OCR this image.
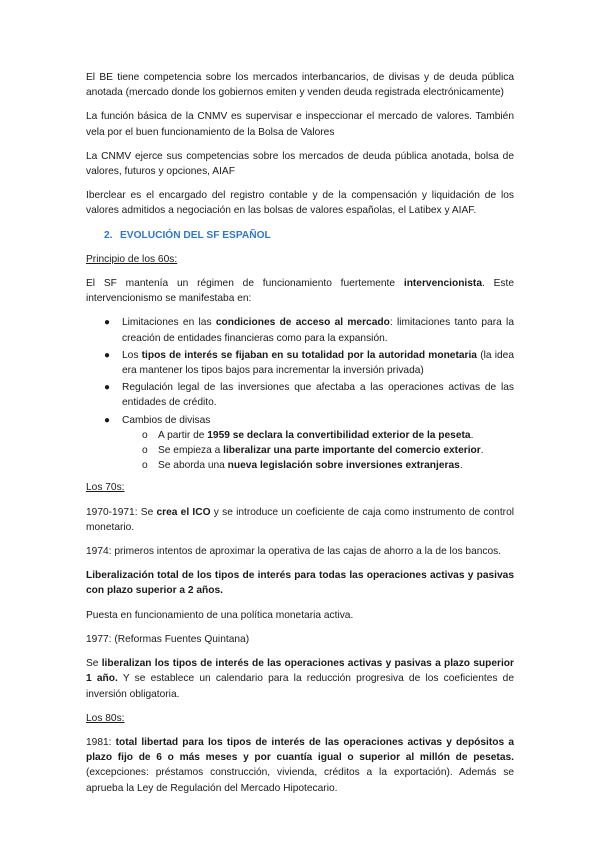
El BE tiene competencia sobre los mercados interbancarios, de divisas y de deuda pública anotada (mercado donde los gobiernos emiten y venden deuda registrada electrónicamente)

La función básica de la CNMV es supervisar e inspeccionar el mercado de valores. También vela por el buen funcionamiento de la Bolsa de Valores

La CNMV ejerce sus competencias sobre los mercados de deuda pública anotada, bolsa de valores, futuros y opciones, AIAF

Iberclear es el encargado del registro contable y de la compensación y liquidación de los valores admitidos a negociación en las bolsas de valores españolas, el Latibex y AIAF.

2. EVOLUCIÓN DEL SF ESPAÑOL

Principio de los 60s:

El SF mantenía un régimen de funcionamiento fuertemente intervencionista. Este intervencionismo se manifestaba en:

● Limitaciones en las condiciones de acceso al mercado: limitaciones tanto para la creación de entidades financieras como para la expansión.
● Los tipos de interés se fijaban en su totalidad por la autoridad monetaria (la idea era mantener los tipos bajos para incrementar la inversión privada)
● Regulación legal de las inversiones que afectaba a las operaciones activas de las entidades de crédito.
● Cambios de divisas
o A partir de 1959 se declara la convertibilidad exterior de la peseta.
o Se empieza a liberalizar una parte importante del comercio exterior.
o Se aborda una nueva legislación sobre inversiones extranjeras.

Los 70s:

1970-1971: Se crea el ICO y se introduce un coeficiente de caja como instrumento de control monetario.

1974: primeros intentos de aproximar la operativa de las cajas de ahorro a la de los bancos.

Liberalización total de los tipos de interés para todas las operaciones activas y pasivas con plazo superior a 2 años.

Puesta en funcionamiento de una política monetaria activa.

1977: (Reformas Fuentes Quintana)

Se liberalizan los tipos de interés de las operaciones activas y pasivas a plazo superior 1 año. Y se establece un calendario para la reducción progresiva de los coeficientes de inversión obligatoria.

Los 80s:

1981: total libertad para los tipos de interés de las operaciones activas y depósitos a plazo fijo de 6 o más meses y por cuantía igual o superior al millón de pesetas. (excepciones: préstamos construcción, vivienda, créditos a la exportación). Además se aprueba la Ley de Regulación del Mercado Hipotecario.
